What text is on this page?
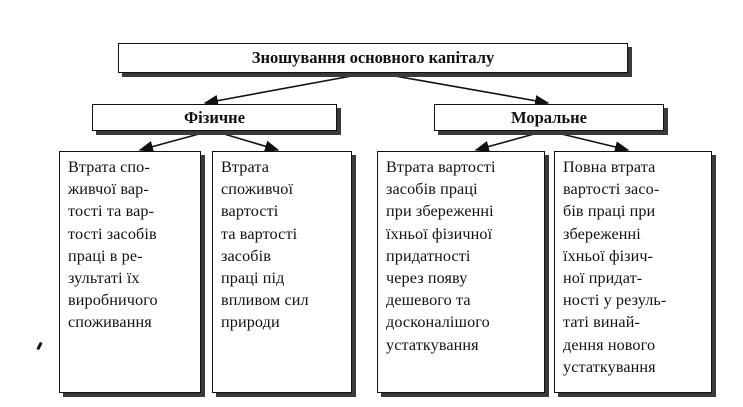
Зношування основного капіталу
Фізичне	Моральне
Втрата спо-
живчої вар-
тості та вар-
тості засобів
праці в ре-
зультаті їх
виробничого
споживання
Втрата
споживчої
вартості
та вартості
засобів
праці під
впливом сил
природи
Втрата вартості
засобів праці
при збереженні
їхньої фізичної
придатності
через появу
дешевого та
досконалішого
устаткування
Повна втрата
вартості засо-
бів праці при
збереженні
їхньої фізич-
ної придат-
ності у резуль-
таті винай-
дення нового
устаткування
